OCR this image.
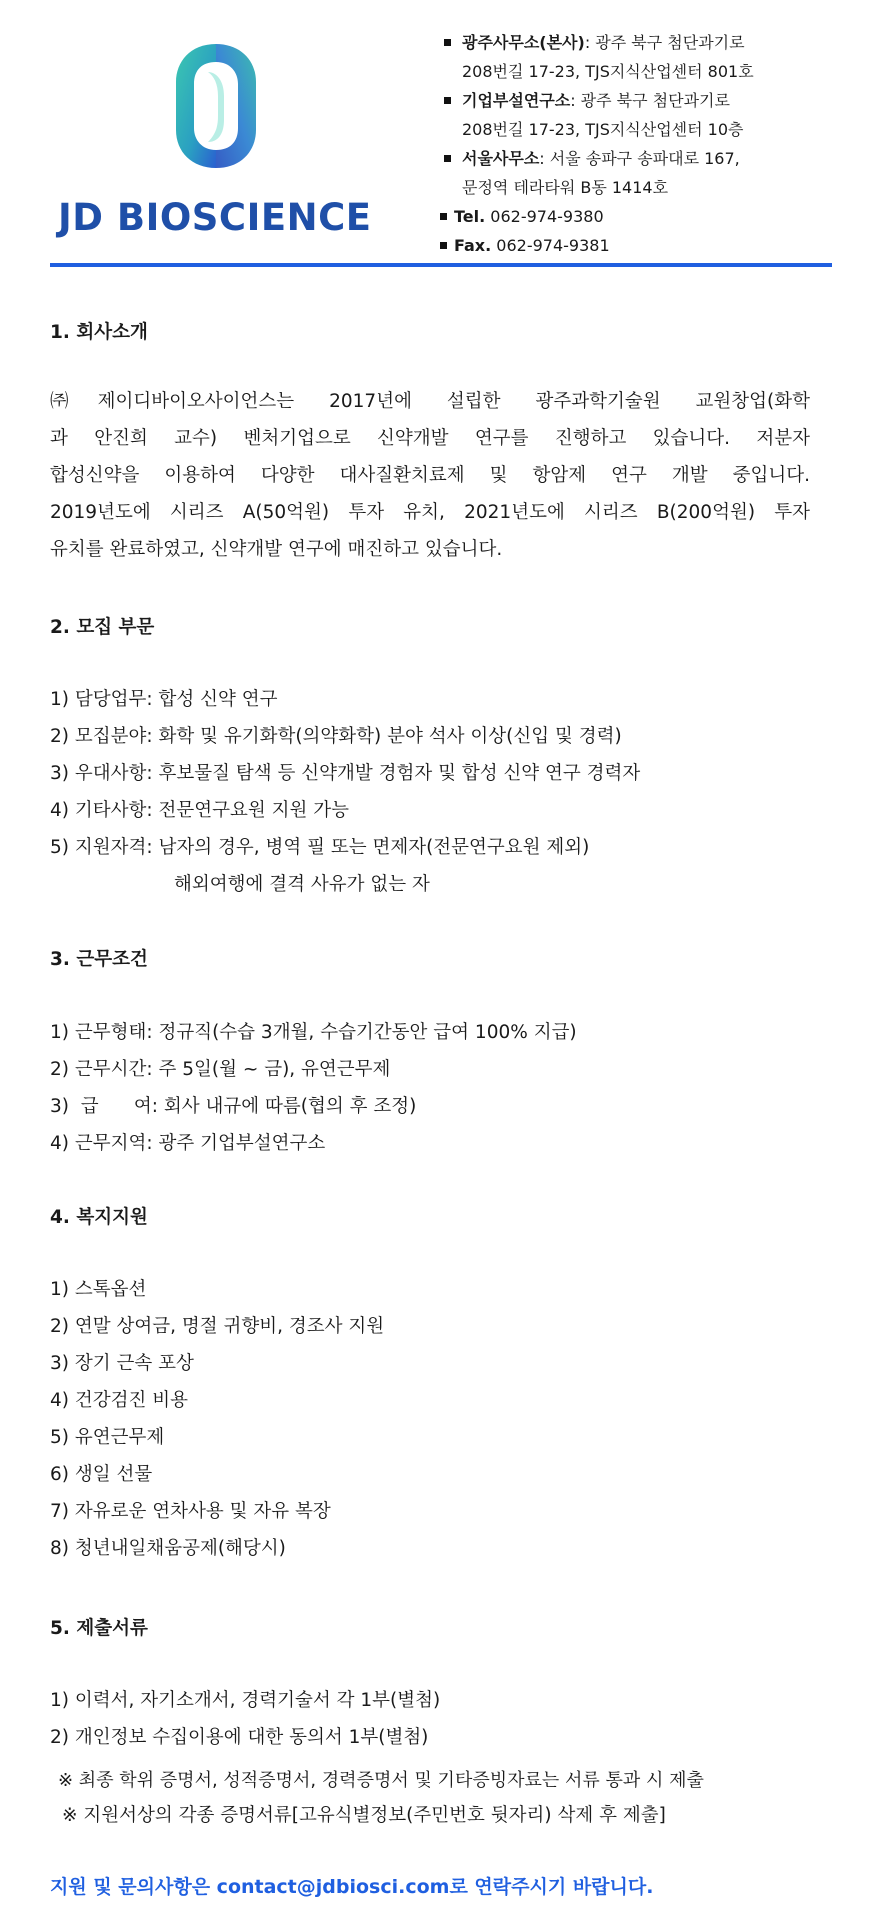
JD BIOSCIENCE
광주사무소(본사): 광주 북구 첨단과기로
208번길 17-23, TJS지식산업센터 801호
기업부설연구소: 광주 북구 첨단과기로
208번길 17-23, TJS지식산업센터 10층
서울사무소: 서울 송파구 송파대로 167,
문정역 테라타워 B동 1414호
Tel. 062-974-9380
Fax. 062-974-9381
1. 회사소개
㈜제이디바이오사이언스는 2017년에 설립한 광주과학기술원 교원창업(화학
과 안진희 교수) 벤처기업으로 신약개발 연구를 진행하고 있습니다. 저분자
합성신약을 이용하여 다양한 대사질환치료제 및 항암제 연구 개발 중입니다.
2019년도에 시리즈 A(50억원) 투자 유치, 2021년도에 시리즈 B(200억원) 투자
유치를 완료하였고, 신약개발 연구에 매진하고 있습니다.
2. 모집 부문
1) 담당업무: 합성 신약 연구
2) 모집분야: 화학 및 유기화학(의약화학) 분야 석사 이상(신입 및 경력)
3) 우대사항: 후보물질 탐색 등 신약개발 경험자 및 합성 신약 연구 경력자
4) 기타사항: 전문연구요원 지원 가능
5) 지원자격: 남자의 경우, 병역 필 또는 면제자(전문연구요원 제외)
해외여행에 결격 사유가 없는 자
3. 근무조건
1) 근무형태: 정규직(수습 3개월, 수습기간동안 급여 100% 지급)
2) 근무시간: 주 5일(월 ~ 금), 유연근무제
3)  급      여: 회사 내규에 따름(협의 후 조정)
4) 근무지역: 광주 기업부설연구소
4. 복지지원
1) 스톡옵션
2) 연말 상여금, 명절 귀향비, 경조사 지원
3) 장기 근속 포상
4) 건강검진 비용
5) 유연근무제
6) 생일 선물
7) 자유로운 연차사용 및 자유 복장
8) 청년내일채움공제(해당시)
5. 제출서류
1) 이력서, 자기소개서, 경력기술서 각 1부(별첨)
2) 개인정보 수집이용에 대한 동의서 1부(별첨)
※ 최종 학위 증명서, 성적증명서, 경력증명서 및 기타증빙자료는 서류 통과 시 제출
※ 지원서상의 각종 증명서류[고유식별정보(주민번호 뒷자리) 삭제 후 제출]
지원 및 문의사항은 contact@jdbiosci.com로 연락주시기 바랍니다.
